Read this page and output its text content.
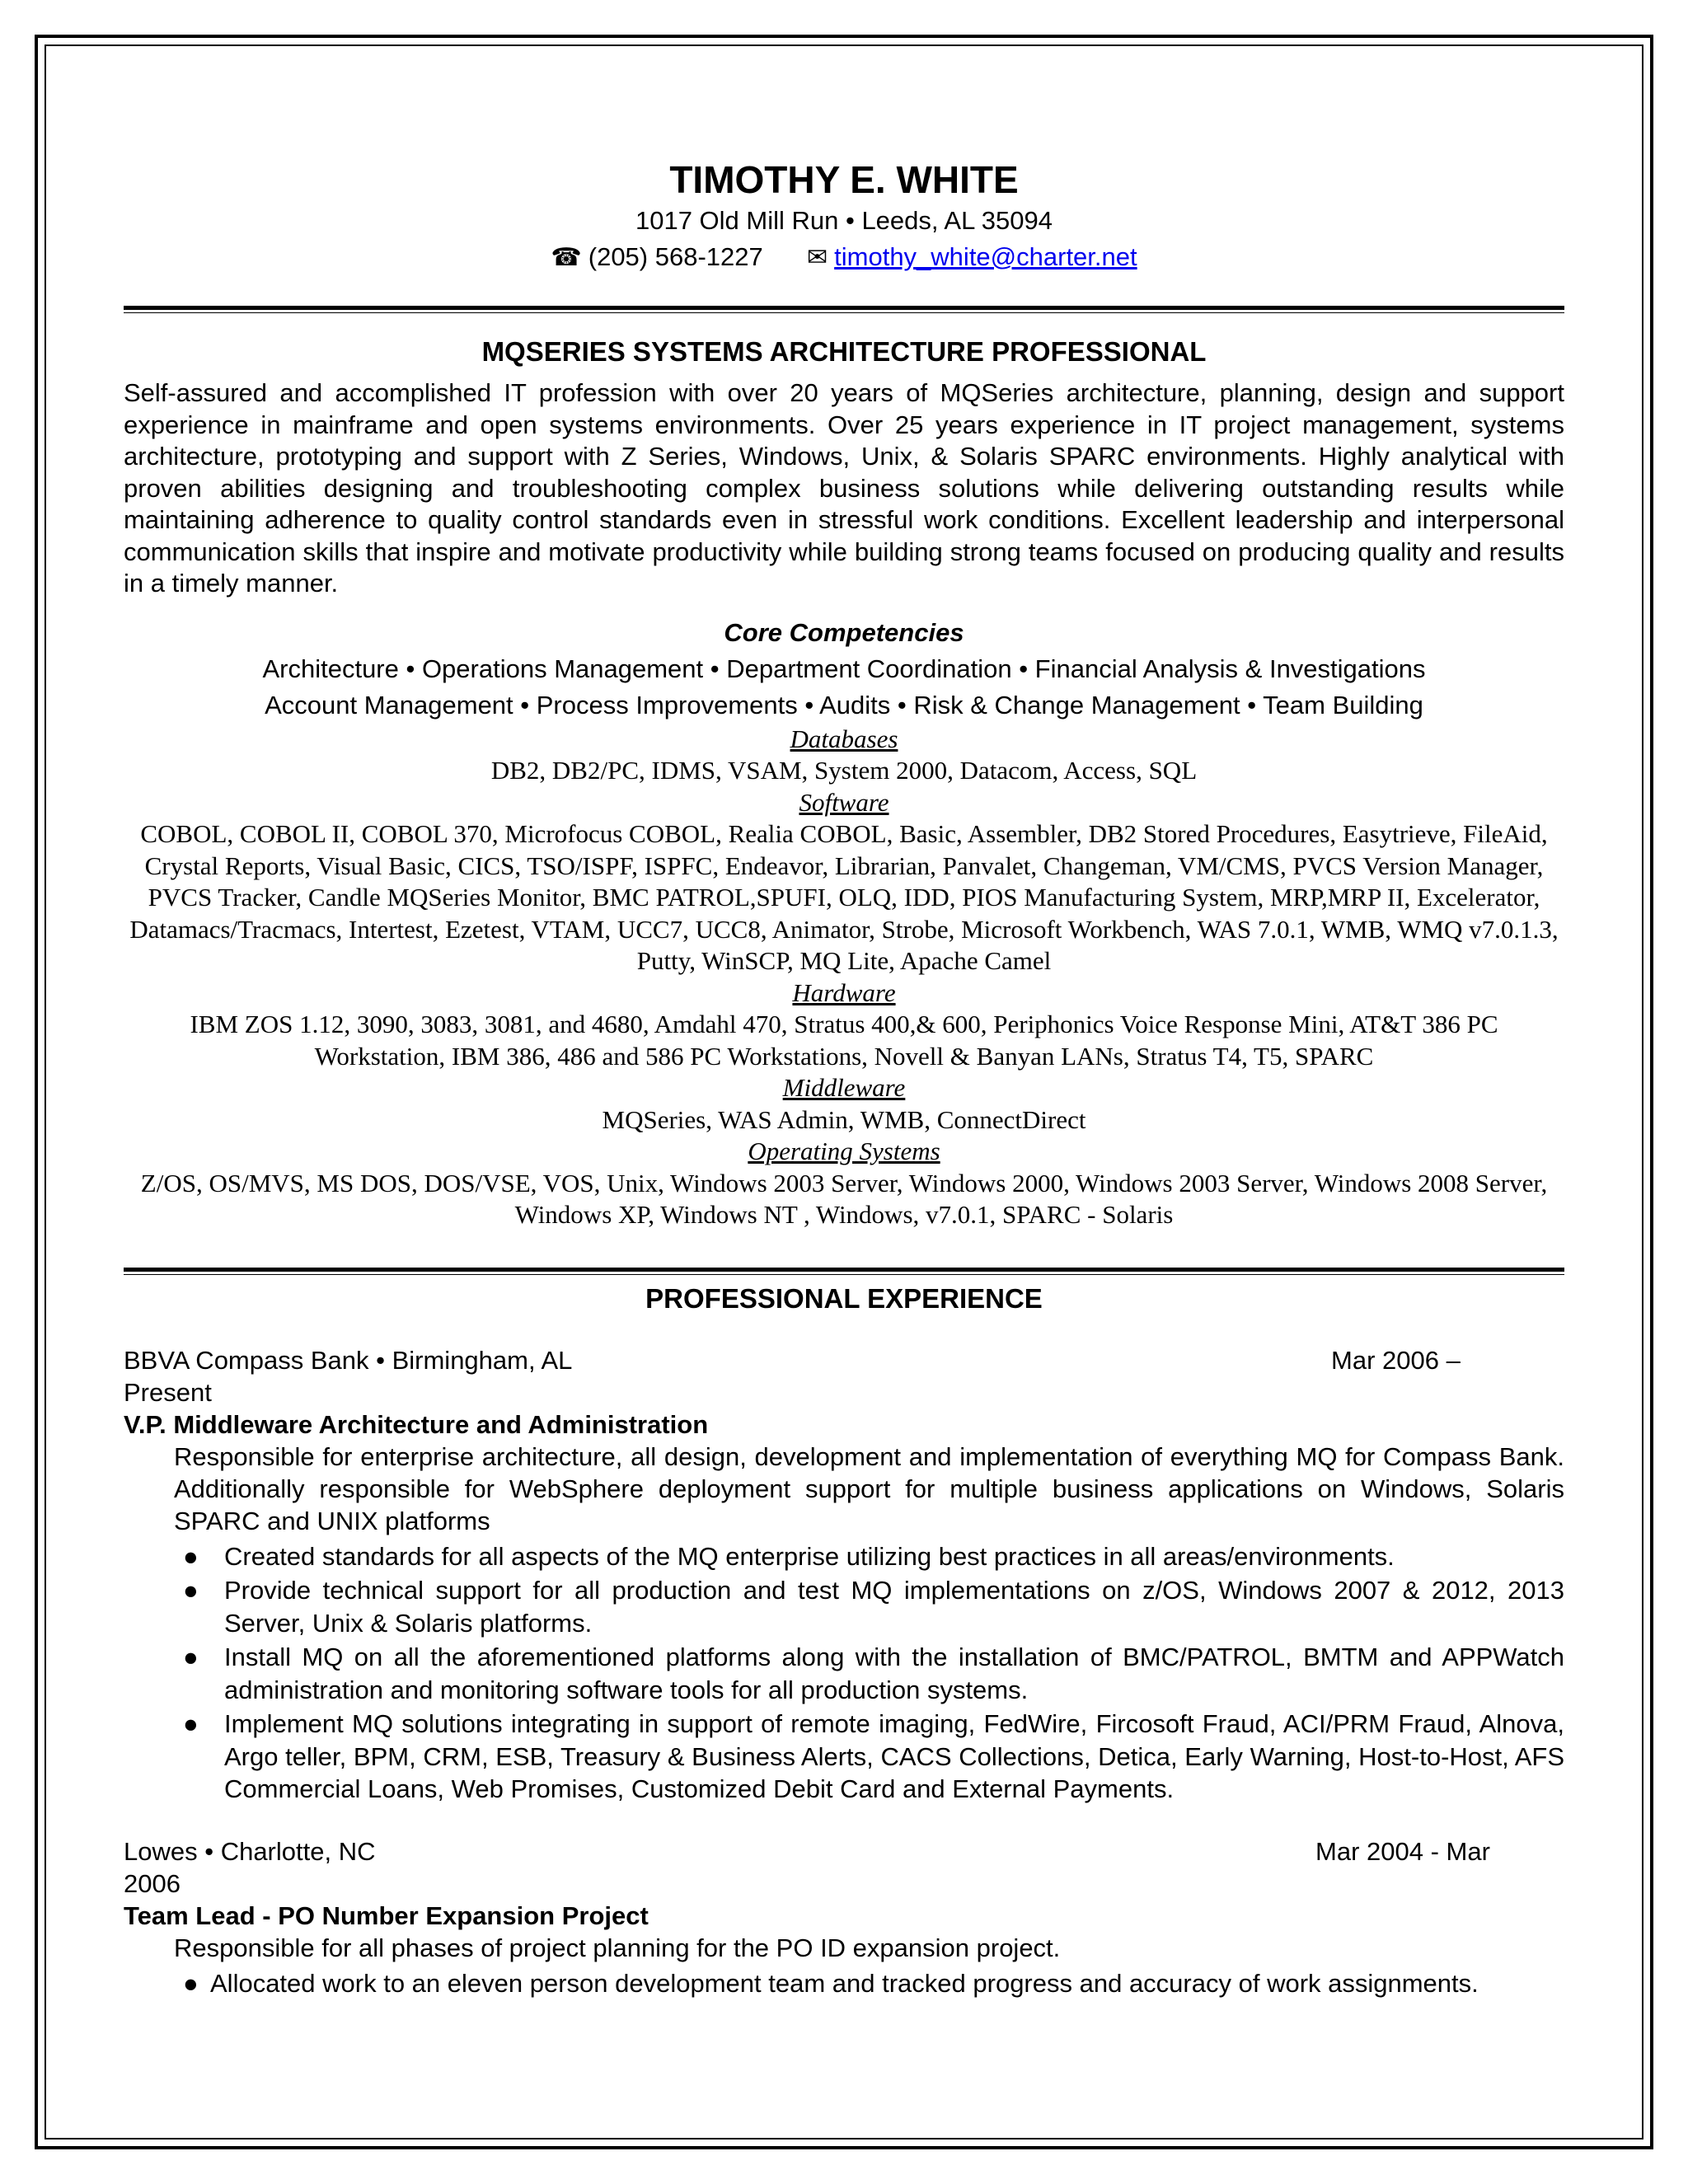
TIMOTHY E. WHITE
1017 Old Mill Run • Leeds, AL 35094
☎ (205) 568-1227 ✉ timothy_white@charter.net
MQSERIES SYSTEMS ARCHITECTURE PROFESSIONAL
Self-assured and accomplished IT profession with over 20 years of MQSeries architecture, planning, design and support experience in mainframe and open systems environments. Over 25 years experience in IT project management, systems architecture, prototyping and support with Z Series, Windows, Unix, & Solaris SPARC environments. Highly analytical with proven abilities designing and troubleshooting complex business solutions while delivering outstanding results while maintaining adherence to quality control standards even in stressful work conditions. Excellent leadership and interpersonal communication skills that inspire and motivate productivity while building strong teams focused on producing quality and results in a timely manner.
Core Competencies
Architecture • Operations Management • Department Coordination • Financial Analysis & Investigations
Account Management • Process Improvements • Audits • Risk & Change Management • Team Building
Databases
DB2, DB2/PC, IDMS, VSAM, System 2000, Datacom, Access, SQL
Software
COBOL, COBOL II, COBOL 370, Microfocus COBOL, Realia COBOL, Basic, Assembler, DB2 Stored Procedures, Easytrieve, FileAid, Crystal Reports, Visual Basic, CICS, TSO/ISPF, ISPFC, Endeavor, Librarian, Panvalet, Changeman, VM/CMS, PVCS Version Manager, PVCS Tracker, Candle MQSeries Monitor, BMC PATROL,SPUFI, OLQ, IDD, PIOS Manufacturing System, MRP,MRP II, Excelerator, Datamacs/Tracmacs, Intertest, Ezetest, VTAM, UCC7, UCC8, Animator, Strobe, Microsoft Workbench, WAS 7.0.1, WMB, WMQ v7.0.1.3, Putty, WinSCP, MQ Lite, Apache Camel
Hardware
IBM ZOS 1.12, 3090, 3083, 3081, and 4680, Amdahl 470, Stratus 400,& 600, Periphonics Voice Response Mini, AT&T 386 PC Workstation, IBM 386, 486 and 586 PC Workstations, Novell & Banyan LANs, Stratus T4, T5, SPARC
Middleware
MQSeries, WAS Admin, WMB, ConnectDirect
Operating Systems
Z/OS, OS/MVS, MS DOS, DOS/VSE, VOS, Unix, Windows 2003 Server, Windows 2000, Windows 2003 Server, Windows 2008 Server, Windows XP, Windows NT , Windows, v7.0.1, SPARC - Solaris
PROFESSIONAL EXPERIENCE
BBVA Compass Bank • Birmingham, AL	Mar 2006 –
Present
V.P. Middleware Architecture and Administration
Responsible for enterprise architecture, all design, development and implementation of everything MQ for Compass Bank. Additionally responsible for WebSphere deployment support for multiple business applications on Windows, Solaris SPARC and UNIX platforms
● Created standards for all aspects of the MQ enterprise utilizing best practices in all areas/environments.
● Provide technical support for all production and test MQ implementations on z/OS, Windows 2007 & 2012, 2013 Server, Unix & Solaris platforms.
● Install MQ on all the aforementioned platforms along with the installation of BMC/PATROL, BMTM and APPWatch administration and monitoring software tools for all production systems.
● Implement MQ solutions integrating in support of remote imaging, FedWire, Fircosoft Fraud, ACI/PRM Fraud, Alnova, Argo teller, BPM, CRM, ESB, Treasury & Business Alerts, CACS Collections, Detica, Early Warning, Host-to-Host, AFS Commercial Loans, Web Promises, Customized Debit Card and External Payments.
Lowes • Charlotte, NC	Mar 2004 - Mar
2006
Team Lead - PO Number Expansion Project
Responsible for all phases of project planning for the PO ID expansion project.
● Allocated work to an eleven person development team and tracked progress and accuracy of work assignments.
